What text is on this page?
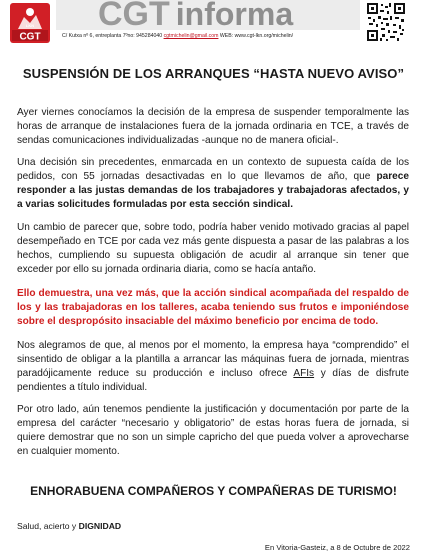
CGT
LKN CGT informa
C/ Kutxa nº 6, entreplanta 7ºno: 945284040 cgtmichelin@gmail.com WEB: www.cgt-lkn.org/michelin/
SUSPENSIÓN DE LOS ARRANQUES “HASTA NUEVO AVISO”
Ayer viernes conocíamos la decisión de la empresa de suspender temporalmente las horas de arranque de instalaciones fuera de la jornada ordinaria en TCE, a través de sendas comunicaciones individualizadas -aunque no de manera oficial-.
Una decisión sin precedentes, enmarcada en un contexto de supuesta caída de los pedidos, con 55 jornadas desactivadas en lo que llevamos de año, que parece responder a las justas demandas de los trabajadores y trabajadoras afectados, y a varias solicitudes formuladas por esta sección sindical.
Un cambio de parecer que, sobre todo, podría haber venido motivado gracias al papel desempeñado en TCE por cada vez más gente dispuesta a pasar de las palabras a los hechos, cumpliendo su supuesta obligación de acudir al arranque sin tener que exceder por ello su jornada ordinaria diaria, como se hacía antaño.
Ello demuestra, una vez más, que la acción sindical acompañada del respaldo de los y las trabajadoras en los talleres, acaba teniendo sus frutos e imponiéndose sobre el despropósito insaciable del máximo beneficio por encima de todo.
Nos alegramos de que, al menos por el momento, la empresa haya “comprendido” el sinsentido de obligar a la plantilla a arrancar las máquinas fuera de jornada, mientras paradójicamente reduce su producción e incluso ofrece AFIs y días de disfrute pendientes a título individual.
Por otro lado, aún tenemos pendiente la justificación y documentación por parte de la empresa del carácter “necesario y obligatorio” de estas horas fuera de jornada, si quiere demostrar que no son un simple capricho del que pueda volver a aprovecharse en cualquier momento.
ENHORABUENA COMPAÑEROS Y COMPAÑERAS DE TURISMO!
Salud, acierto y DIGNIDAD
En Vitoria-Gasteiz, a 8 de Octubre de 2022
